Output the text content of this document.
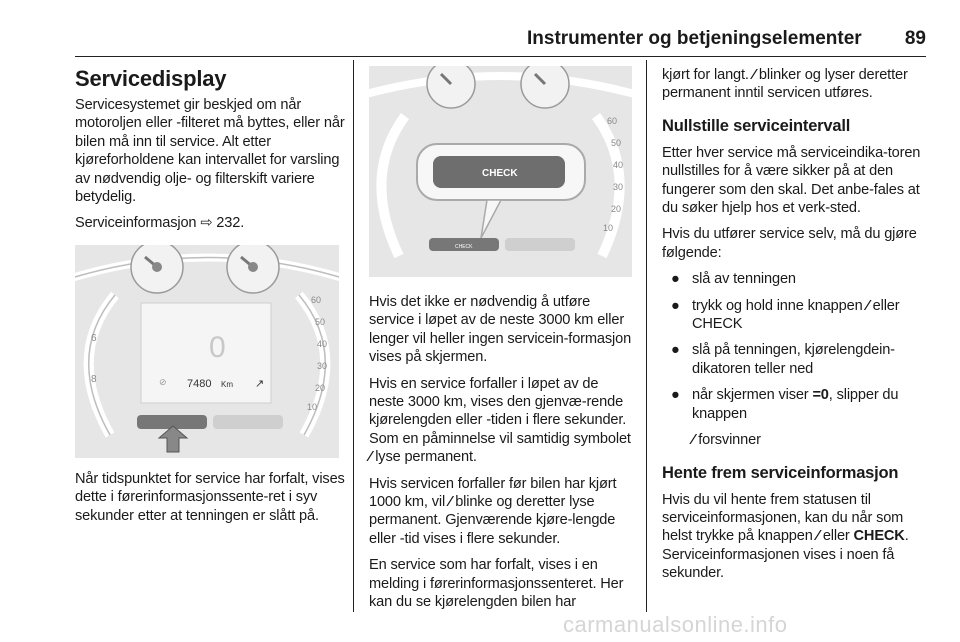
Instrumenter og betjeningselementer 89
Servicedisplay

Servicesystemet gir beskjed om når motoroljen eller -filteret må byttes, eller når bilen må inn til service. Alt etter kjøreforholdene kan intervallet for varsling av nødvendig olje- og filterskift variere betydelig.

Serviceinformasjon ⇨ 232.

6
8
60
50
40
30
20
10
0
⊘ 7480 Km ↗

Når tidspunktet for service har forfalt, vises dette i førerinformasjonssente-ret i syv sekunder etter at tenningen er slått på.

60
50
40
30
20
10
CHECK
CHECK

Hvis det ikke er nødvendig å utføre service i løpet av de neste 3000 km eller lenger vil heller ingen servicein-formasjon vises på skjermen.

Hvis en service forfaller i løpet av de neste 3000 km, vises den gjenvæ-rende kjørelengden eller -tiden i flere sekunder. Som en påminnelse vil samtidig symbolet ⁄ lyse permanent.

Hvis servicen forfaller før bilen har kjørt 1000 km, vil ⁄ blinke og deretter lyse permanent. Gjenværende kjøre-lengde eller -tid vises i flere sekunder.

En service som har forfalt, vises i en melding i førerinformasjonssenteret. Her kan du se kjørelengden bilen har

kjørt for langt. ⁄ blinker og lyser deretter permanent inntil servicen utføres.

Nullstille serviceintervall

Etter hver service må serviceindika-toren nullstilles for å være sikker på at den fungerer som den skal. Det anbe-fales at du søker hjelp hos et verk-sted.

Hvis du utfører service selv, må du gjøre følgende:

● slå av tenningen
● trykk og hold inne knappen ⁄ eller CHECK
● slå på tenningen, kjørelengdein-dikatoren teller ned
● når skjermen viser =0, slipper du knappen

⁄ forsvinner

Hente frem serviceinformasjon

Hvis du vil hente frem statusen til serviceinformasjonen, kan du når som helst trykke på knappen ⁄ eller CHECK. Serviceinformasjonen vises i noen få sekunder.

carmanualsonline.info
